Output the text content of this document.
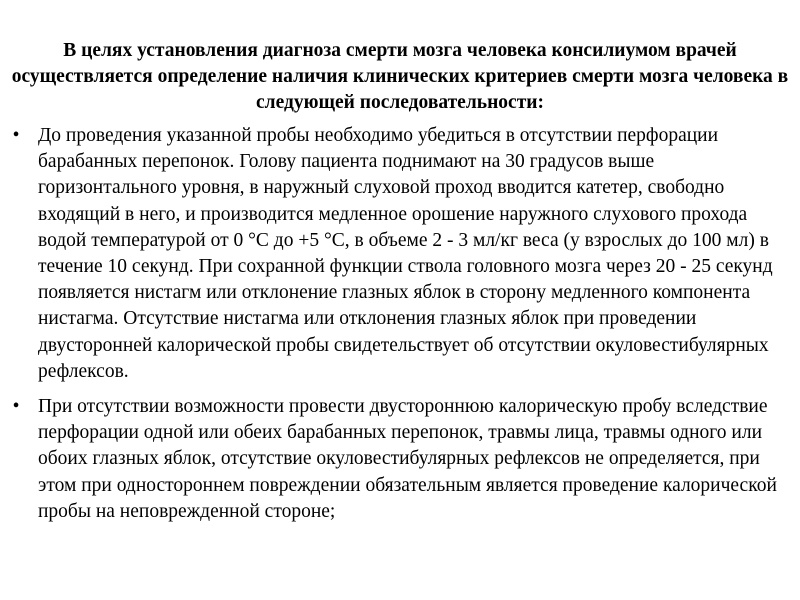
В целях установления диагноза смерти мозга человека консилиумом врачей осуществляется определение наличия клинических критериев смерти мозга человека в следующей последовательности:
• До проведения указанной пробы необходимо убедиться в отсутствии перфорации барабанных перепонок. Голову пациента поднимают на 30 градусов выше горизонтального уровня, в наружный слуховой проход вводится катетер, свободно входящий в него, и производится медленное орошение наружного слухового прохода водой температурой от 0 °С до +5 °С, в объеме 2 - 3 мл/кг веса (у взрослых до 100 мл) в течение 10 секунд. При сохранной функции ствола головного мозга через 20 - 25 секунд появляется нистагм или отклонение глазных яблок в сторону медленного компонента нистагма. Отсутствие нистагма или отклонения глазных яблок при проведении двусторонней калорической пробы свидетельствует об отсутствии окуловестибулярных рефлексов.
• При отсутствии возможности провести двустороннюю калорическую пробу вследствие перфорации одной или обеих барабанных перепонок, травмы лица, травмы одного или обоих глазных яблок, отсутствие окуловестибулярных рефлексов не определяется, при этом при одностороннем повреждении обязательным является проведение калорической пробы на неповрежденной стороне;
